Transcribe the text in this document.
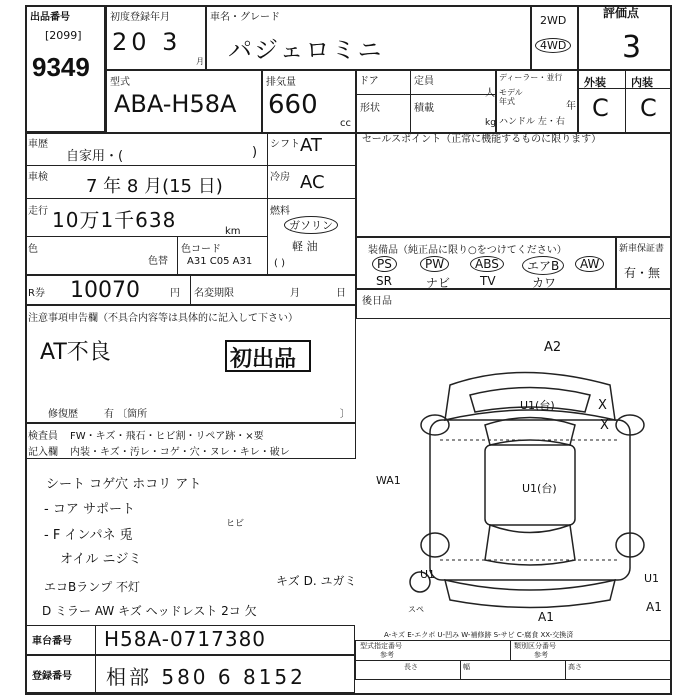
出品番号
[2099]
9349
初度登録年月
20 3
月
車名・グレード
パジェロミニ
2WD
4WD
評価点
3
型式
ABA-H58A
排気量
660
cc
ドア	定員
人
形状	積載
kg
ディーラー・並行
モデル年式	年
ハンドル 左・右
外装 内装
C C
車歴
自家用・(	)
シフト AT
車検 7 年 8 月(15 日)	冷房 AC
走行 10万1千638	km
燃料
ガソリン
軽 油
( )
色
色替
色コード
A31 C05 A31
R券 10070	円 名変期限	月	日
注意事項申告欄（不具合内容等は具体的に記入して下さい）
AT不良	初出品
修復歴	有 〔箇所	〕
検査員
記入欄
FW・キズ・飛石・ヒビ割・リペア跡・×要
内装・キズ・汚レ・コゲ・穴・ヌレ・キレ・破レ
シート コゲ穴 ホコリ アト
- コア サポート
- F インパネ 兎
オイル ニジミ
ヒビ
エコBランプ 不灯	キズ D. ユガミ
D ミラー AW キズ ヘッドレスト 2コ 欠
セールスポイント（正常に機能するものに限ります）
装備品（純正品に限り○をつけてください）
PS	PW	ABS	エアB	AW
SR	ナビ TV	カワ
新車保証書
有・無
後日品
A2
U1(台)
U1(台)
WA1
U1	U1
A1
A1
X
X
スペ
A-キズ E-エクボ U-凹み W-補修跡 S-サビ C-腐食 XX-交換済
車台番号 H58A-0717380
登録番号 相部 580 6 8152
型式指定番号
参考
類別区分番号
参考
長さ	幅	高さ
